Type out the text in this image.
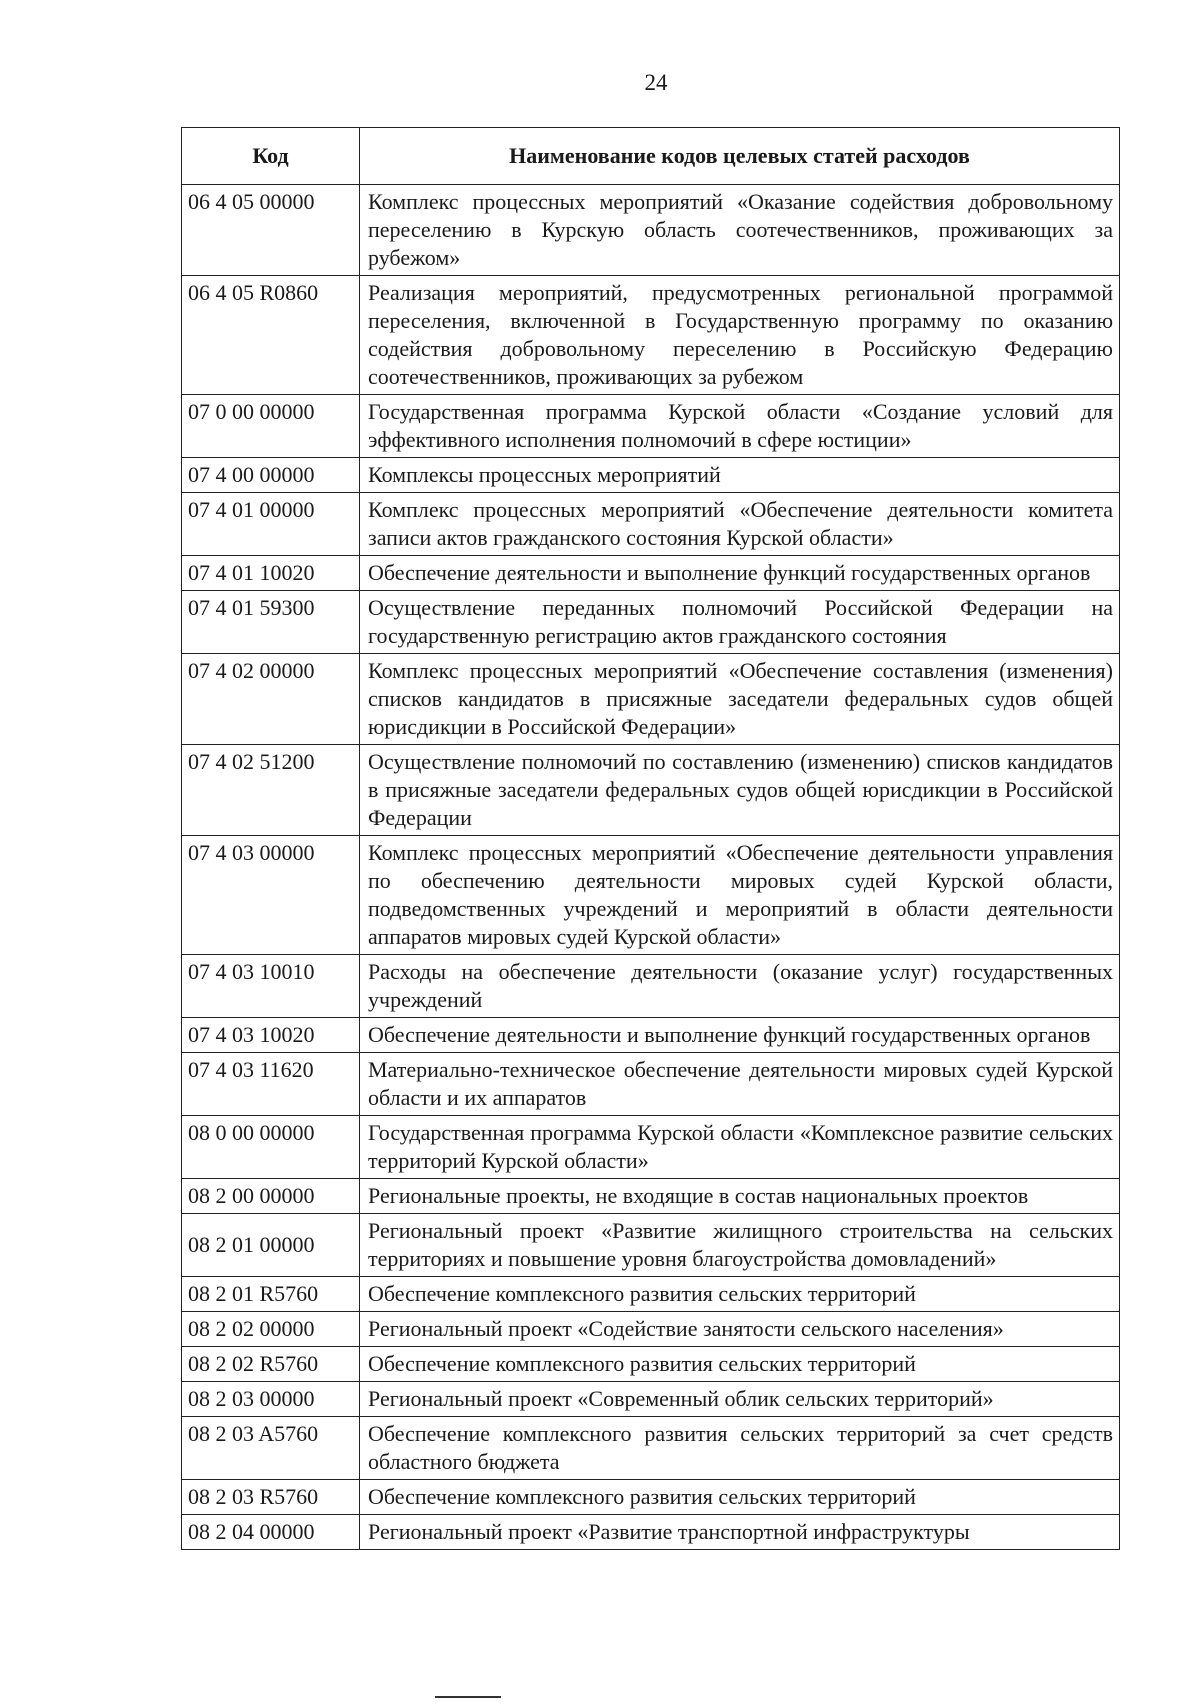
24
Код	Наименование кодов целевых статей расходов
06 4 05 00000	Комплекс процессных мероприятий «Оказание содействия добровольному переселению в Курскую область соотечественников, проживающих за рубежом»
06 4 05 R0860	Реализация мероприятий, предусмотренных региональной программой переселения, включенной в Государственную программу по оказанию содействия добровольному переселению в Российскую Федерацию соотечественников, проживающих за рубежом
07 0 00 00000	Государственная программа Курской области «Создание условий для эффективного исполнения полномочий в сфере юстиции»
07 4 00 00000	Комплексы процессных мероприятий
07 4 01 00000	Комплекс процессных мероприятий «Обеспечение деятельности комитета записи актов гражданского состояния Курской области»
07 4 01 10020	Обеспечение деятельности и выполнение функций государственных органов
07 4 01 59300	Осуществление переданных полномочий Российской Федерации на государственную регистрацию актов гражданского состояния
07 4 02 00000	Комплекс процессных мероприятий «Обеспечение составления (изменения) списков кандидатов в присяжные заседатели федеральных судов общей юрисдикции в Российской Федерации»
07 4 02 51200	Осуществление полномочий по составлению (изменению) списков кандидатов в присяжные заседатели федеральных судов общей юрисдикции в Российской Федерации
07 4 03 00000	Комплекс процессных мероприятий «Обеспечение деятельности управления по обеспечению деятельности мировых судей Курской области, подведомственных учреждений и мероприятий в области деятельности аппаратов мировых судей Курской области»
07 4 03 10010	Расходы на обеспечение деятельности (оказание услуг) государственных учреждений
07 4 03 10020	Обеспечение деятельности и выполнение функций государственных органов
07 4 03 11620	Материально-техническое обеспечение деятельности мировых судей Курской области и их аппаратов
08 0 00 00000	Государственная программа Курской области «Комплексное развитие сельских территорий Курской области»
08 2 00 00000	Региональные проекты, не входящие в состав национальных проектов
08 2 01 00000	Региональный проект «Развитие жилищного строительства на сельских территориях и повышение уровня благоустройства домовладений»
08 2 01 R5760	Обеспечение комплексного развития сельских территорий
08 2 02 00000	Региональный проект «Содействие занятости сельского населения»
08 2 02 R5760	Обеспечение комплексного развития сельских территорий
08 2 03 00000	Региональный проект «Современный облик сельских территорий»
08 2 03 A5760	Обеспечение комплексного развития сельских территорий за счет средств областного бюджета
08 2 03 R5760	Обеспечение комплексного развития сельских территорий
08 2 04 00000	Региональный проект «Развитие транспортной инфраструктуры
